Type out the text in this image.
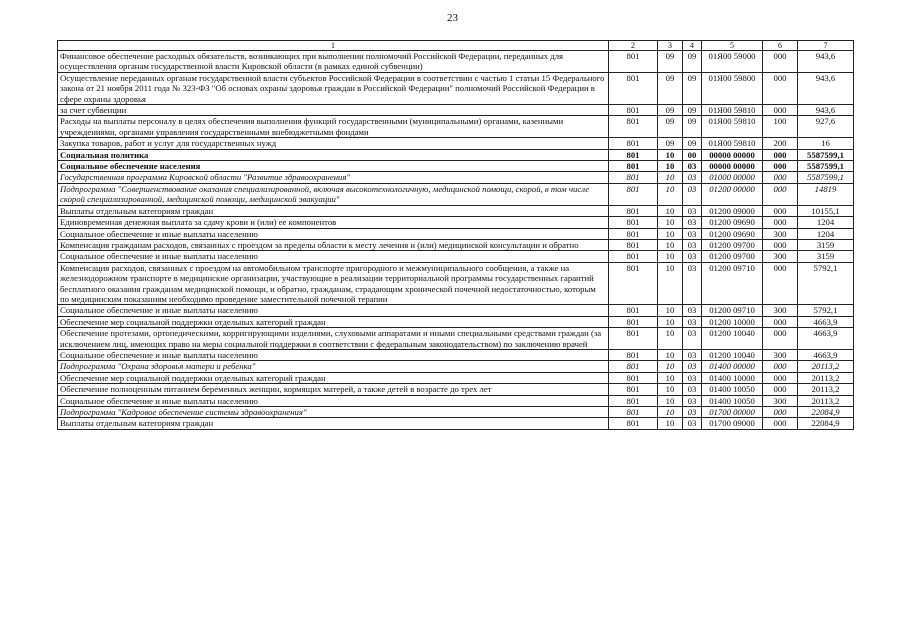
23
1	2	3	4	5	6	7
Финансовое обеспечение расходных обязательств, возникающих при выполнении полномочий Российской Федерации, переданных для осуществления органам государственной власти Кировской области (в рамках единой субвенции)	801	09	09	01Я00 59000	000	943,6
Осуществление переданных органам государственной власти субъектов Российской Федерации в соответствии с частью 1 статьи 15 Федерального закона от 21 ноября 2011 года № 323-ФЗ "Об основах охраны здоровья граждан в Российской Федерации" полномочий Российской Федерации в сфере охраны здоровья	801	09	09	01Я00 59800	000	943,6
за счет субвенции	801	09	09	01Я00 59810	000	943,6
Расходы на выплаты персоналу в целях обеспечения выполнения функций государственными (муниципальными) органами, казенными учреждениями, органами управления государственными внебюджетными фондами	801	09	09	01Я00 59810	100	927,6
Закупка товаров, работ и услуг для государственных нужд	801	09	09	01Я00 59810	200	16
Социальная политика	801	10	00	00000 00000	000	5587599,1
Социальное обеспечение населения	801	10	03	00000 00000	000	5587599,1
Государственная программа Кировской области "Развитие здравоохранения"	801	10	03	01000 00000	000	5587599,1
Подпрограмма "Совершенствование оказания специализированной, включая высокотехнологичную, медицинской помощи, скорой, в том числе скорой специализированной, медицинской помощи, медицинской эвакуации"	801	10	03	01200 00000	000	14819
Выплаты отдельным категориям граждан	801	10	03	01200 09000	000	10155,1
Единовременная денежная выплата за сдачу крови и (или) ее компонентов	801	10	03	01200 09690	000	1204
Социальное обеспечение и иные выплаты населению	801	10	03	01200 09690	300	1204
Компенсация гражданам расходов, связанных с проездом за пределы области к месту лечения и (или) медицинской консультации и обратно	801	10	03	01200 09700	000	3159
Социальное обеспечение и иные выплаты населению	801	10	03	01200 09700	300	3159
Компенсация расходов, связанных с проездом на автомобильном транспорте пригородного и межмуниципального сообщения, а также на железнодорожном транспорте в медицинские организации, участвующие в реализации территориальной программы государственных гарантий бесплатного оказания гражданам медицинской помощи, и обратно, гражданам, страдающим хронической почечной недостаточностью, которым по медицинским показаниям необходимо проведение заместительной почечной терапии	801	10	03	01200 09710	000	5792,1
Социальное обеспечение и иные выплаты населению	801	10	03	01200 09710	300	5792,1
Обеспечение мер социальной поддержки отдельных категорий граждан	801	10	03	01200 10000	000	4663,9
Обеспечение протезами, ортопедическими, корригирующими изделиями, слуховыми аппаратами и иными специальными средствами граждан (за исключением лиц, имеющих право на меры социальной поддержки в соответствии с федеральным законодательством) по заключению врачей	801	10	03	01200 10040	000	4663,9
Социальное обеспечение и иные выплаты населению	801	10	03	01200 10040	300	4663,9
Подпрограмма "Охрана здоровья матери и ребенка"	801	10	03	01400 00000	000	20113,2
Обеспечение мер социальной поддержки отдельных категорий граждан	801	10	03	01400 10000	000	20113,2
Обеспечение полноценным питанием беременных женщин, кормящих матерей, а также детей в возрасте до трех лет	801	10	03	01400 10050	000	20113,2
Социальное обеспечение и иные выплаты населению	801	10	03	01400 10050	300	20113,2
Подпрограмма "Кадровое обеспечение системы здравоохранения"	801	10	03	01700 00000	000	22084,9
Выплаты отдельным категориям граждан	801	10	03	01700 09000	000	22084,9
